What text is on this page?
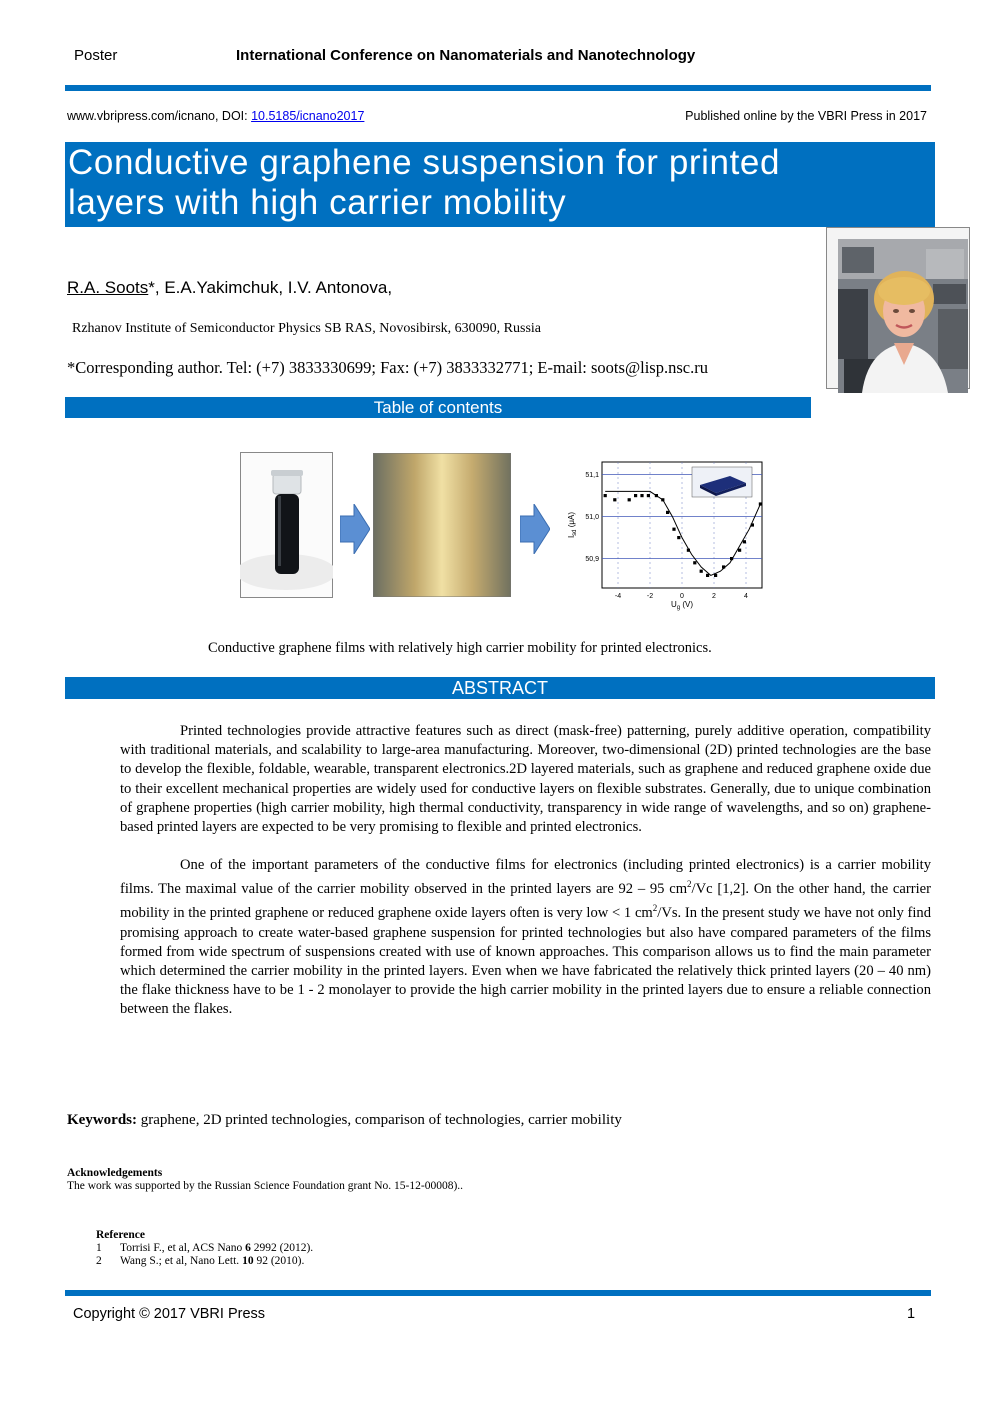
Poster	International Conference on Nanomaterials and Nanotechnology
www.vbripress.com/icnano, DOI: 10.5185/icnano2017	Published online by the VBRI Press in 2017
Conductive graphene suspension for printed
layers with high carrier mobility
R.A. Soots*, E.A.Yakimchuk, I.V. Antonova,
Rzhanov Institute of Semiconductor Physics SB RAS, Novosibirsk, 630090, Russia
*Corresponding author. Tel: (+7) 3833330699; Fax: (+7) 3833332771; E-mail: soots@lisp.nsc.ru
Table of contents
-4	-2	0	2	4
51,1
51,0
50,9
$U_g$ (V)
$I_{sd}$ (μA)
Conductive graphene films with relatively high carrier mobility for printed electronics.
ABSTRACT

Printed technologies provide attractive features such as direct (mask-free) patterning, purely additive operation, compatibility with traditional materials, and scalability to large-area manufacturing. Moreover, two-dimensional (2D) printed technologies are the base to develop the flexible, foldable, wearable, transparent electronics.2D layered materials, such as graphene and reduced graphene oxide due to their excellent mechanical properties are widely used for conductive layers on flexible substrates. Generally, due to unique combination of graphene properties (high carrier mobility, high thermal conductivity, transparency in wide range of wavelengths, and so on) graphene-based printed layers are expected to be very promising to flexible and printed electronics.

One of the important parameters of the conductive films for electronics (including printed electronics) is a carrier mobility films. The maximal value of the carrier mobility observed in the printed layers are 92 – 95 $cm^2/Vc$ [1,2]. On the other hand, the carrier mobility in the printed graphene or reduced graphene oxide layers often is very low < 1 $cm^2/Vs$. In the present study we have not only find promising approach to create water-based graphene suspension for printed technologies but also have compared parameters of the films formed from wide spectrum of suspensions created with use of known approaches. This comparison allows us to find the main parameter which determined the carrier mobility in the printed layers. Even when we have fabricated the relatively thick printed layers (20 – 40 nm) the flake thickness have to be 1 - 2 monolayer to provide the high carrier mobility in the printed layers due to ensure a reliable connection between the flakes.

Keywords: graphene, 2D printed technologies, comparison of technologies, carrier mobility
Acknowledgements
The work was supported by the Russian Science Foundation grant No. 15-12-00008)..
Reference
1 Torrisi F., et al, ACS Nano 6 2992 (2012).
2 Wang S.; et al, Nano Lett. 10 92 (2010).
Copyright © 2017 VBRI Press	1
